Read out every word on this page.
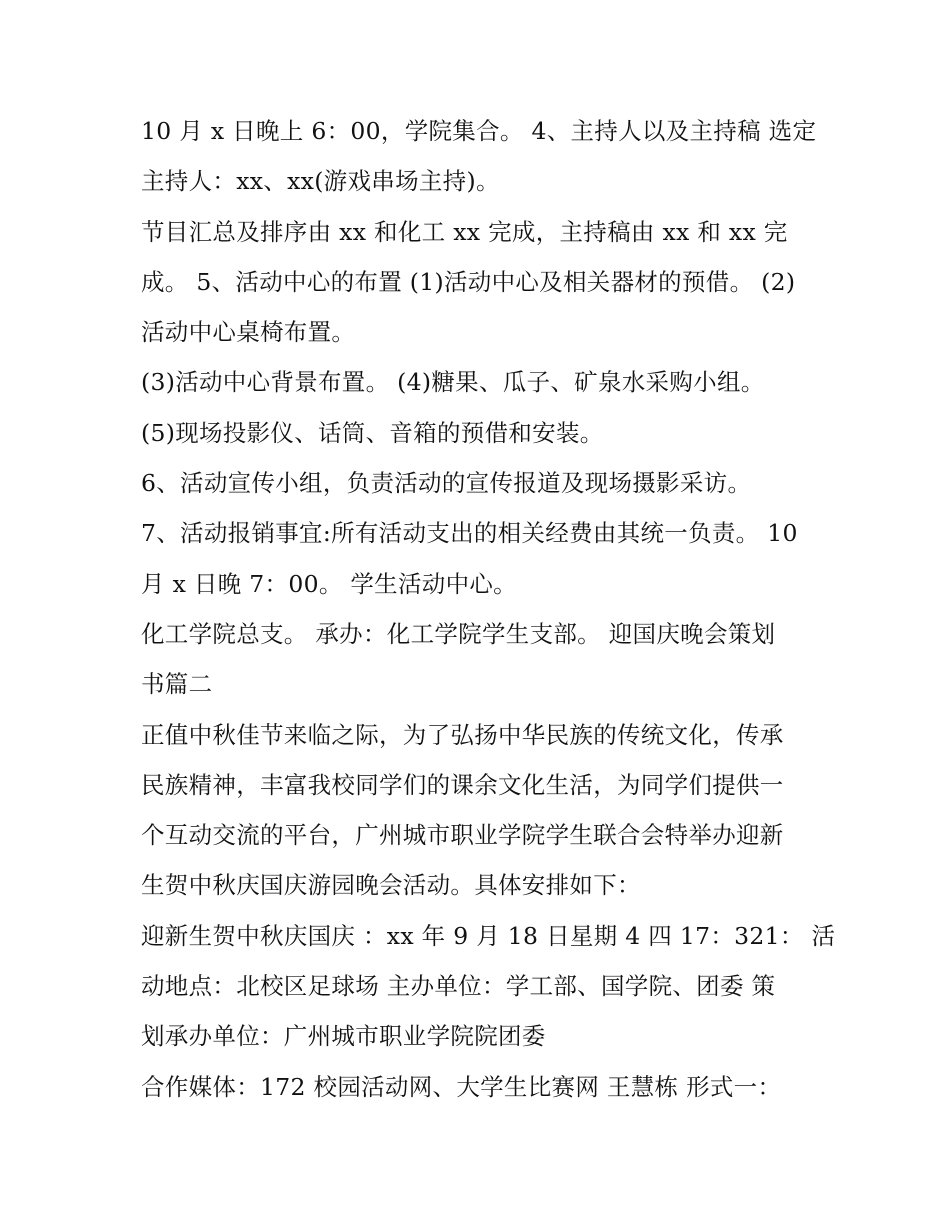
10 月 x 日晚上 6：00，学院集合。 4、主持人以及主持稿 选定
主持人：xx、xx(游戏串场主持)。
节目汇总及排序由 xx 和化工 xx 完成，主持稿由 xx 和 xx 完
成。 5、活动中心的布置 (1)活动中心及相关器材的预借。 (2)
活动中心桌椅布置。
(3)活动中心背景布置。 (4)糖果、瓜子、矿泉水采购小组。
(5)现场投影仪、话筒、音箱的预借和安装。
6、活动宣传小组，负责活动的宣传报道及现场摄影采访。
7、活动报销事宜:所有活动支出的相关经费由其统一负责。 10
月 x 日晚 7：00。 学生活动中心。
化工学院总支。 承办：化工学院学生支部。 迎国庆晚会策划
书篇二
正值中秋佳节来临之际，为了弘扬中华民族的传统文化，传承
民族精神，丰富我校同学们的课余文化生活，为同学们提供一
个互动交流的平台，广州城市职业学院学生联合会特举办迎新
生贺中秋庆国庆游园晚会活动。具体安排如下：
迎新生贺中秋庆国庆 ：xx 年 9 月 18 日星期 4 四 17：321： 活
动地点：北校区足球场 主办单位：学工部、国学院、团委 策
划承办单位：广州城市职业学院院团委
合作媒体：172 校园活动网、大学生比赛网 王慧栋 形式一：
